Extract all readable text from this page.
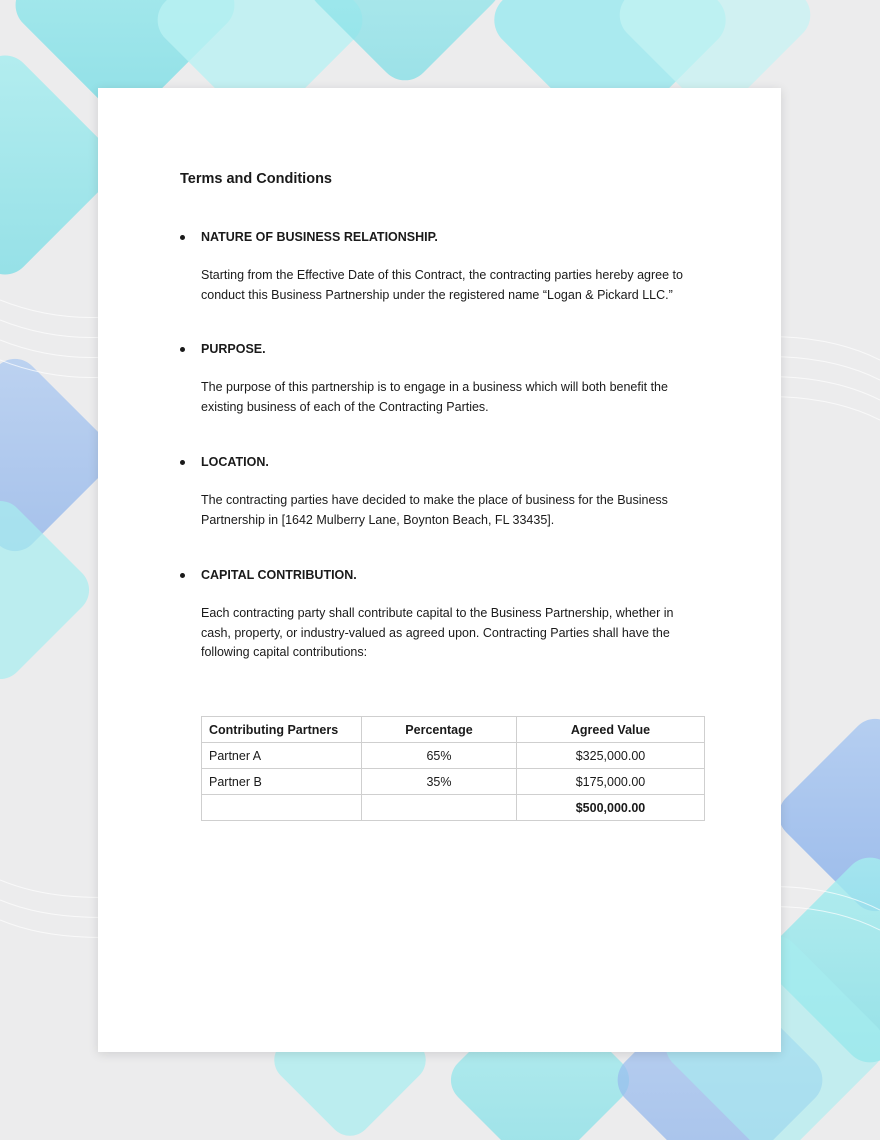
Terms and Conditions
NATURE OF BUSINESS RELATIONSHIP.
Starting from the Effective Date of this Contract, the contracting parties hereby agree to conduct this Business Partnership under the registered name “Logan & Pickard LLC.”
PURPOSE.
The purpose of this partnership is to engage in a business which will both benefit the existing business of each of the Contracting Parties.
LOCATION.
The contracting parties have decided to make the place of business for the Business Partnership in [1642 Mulberry Lane, Boynton Beach, FL 33435].
CAPITAL CONTRIBUTION.
Each contracting party shall contribute capital to the Business Partnership, whether in cash, property, or industry-valued as agreed upon. Contracting Parties shall have the following capital contributions:
Contributing Partners	Percentage	Agreed Value
Partner A	65%	$325,000.00
Partner B	35%	$175,000.00
		$500,000.00
